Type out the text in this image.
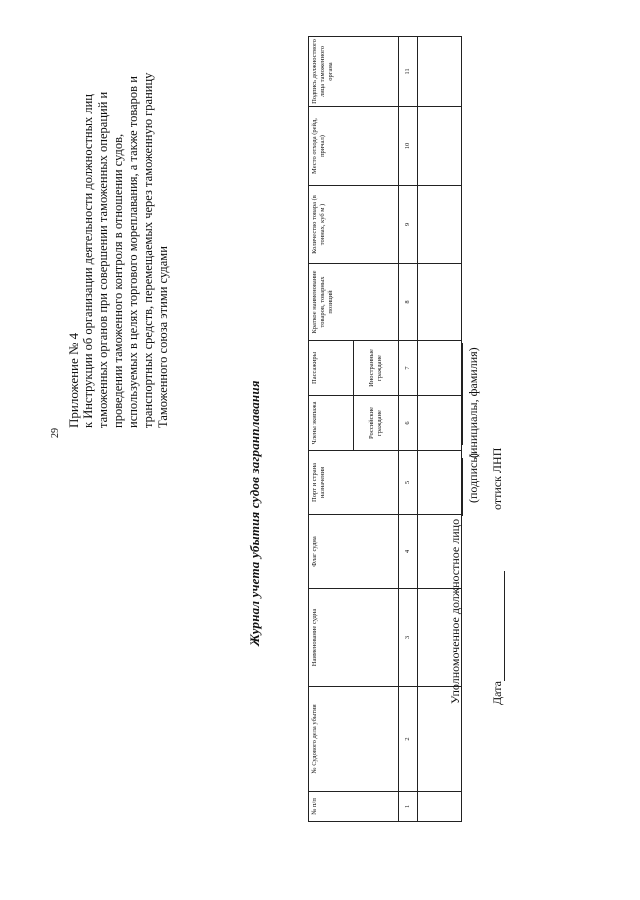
29
Приложение № 4 к Инструкции об организации деятельности должностных лиц таможенных органов при совершении таможенных операций и проведении таможенного контроля в отношении судов, используемых в целях торгового мореплавания, а также товаров и транспортных средств, перемещаемых через таможенную границу Таможенного союза этими судами
Журнал учета убытия судов загранплавания
№ п/п	№ Судового дела убытия	Наименование судна	Флаг судна	Порт и страна назначения	Члены экипажа	Пассажиры	Краткое наименование товаров, товарных позиций	Количество товара (в тоннах, куб м )	Место отхода (рейд, причал)	Подпись должностного лица таможенного органа
					Российские граждане	Иностранные граждане				
1	2	3	4	5	6	7	8	9	10	11

Уполномоченное должностное лицо
(подпись)
(инициалы, фамилия)
оттиск ЛНП
Дата
